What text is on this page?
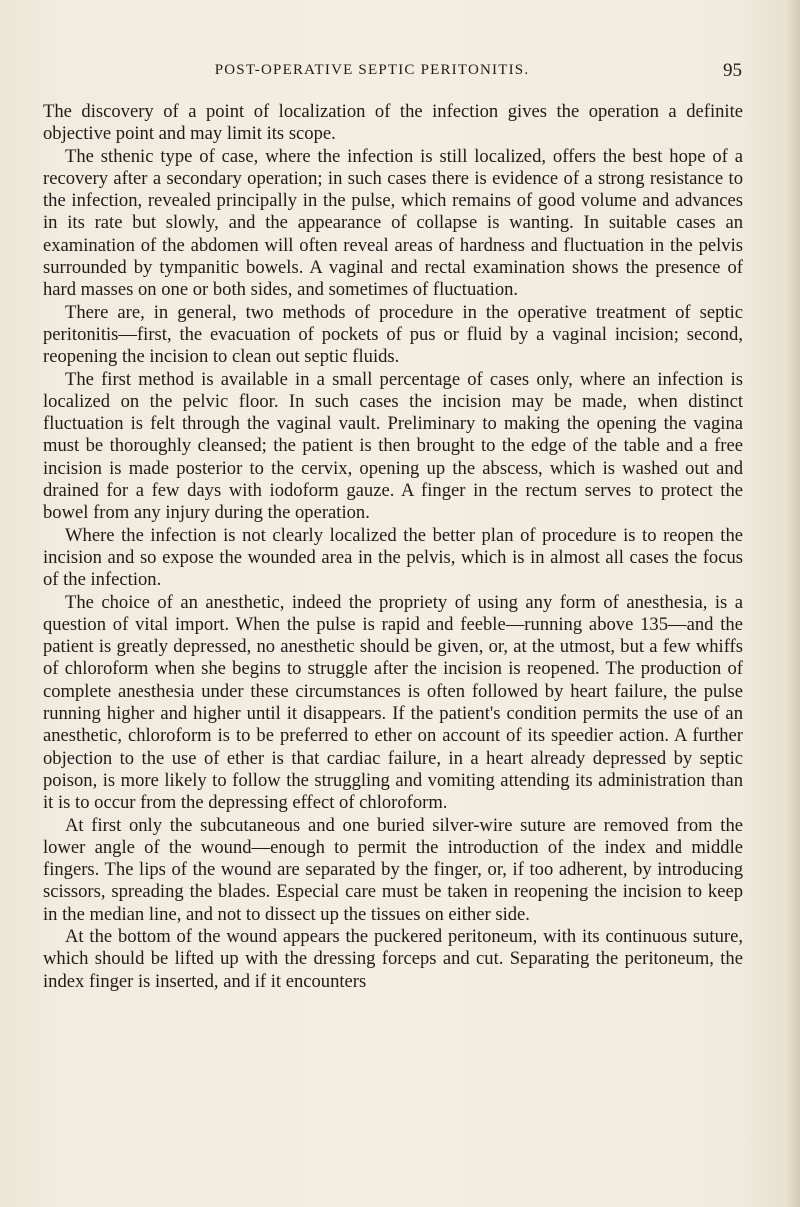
POST-OPERATIVE SEPTIC PERITONITIS.	95

The discovery of a point of localization of the infection gives the operation a definite objective point and may limit its scope.

The sthenic type of case, where the infection is still localized, offers the best hope of a recovery after a secondary operation; in such cases there is evidence of a strong resistance to the infection, revealed principally in the pulse, which remains of good volume and advances in its rate but slowly, and the appearance of collapse is wanting. In suitable cases an examination of the abdomen will often reveal areas of hardness and fluctuation in the pelvis surrounded by tympanitic bowels. A vaginal and rectal examination shows the presence of hard masses on one or both sides, and sometimes of fluctuation.

There are, in general, two methods of procedure in the operative treatment of septic peritonitis—first, the evacuation of pockets of pus or fluid by a vaginal incision; second, reopening the incision to clean out septic fluids.

The first method is available in a small percentage of cases only, where an infection is localized on the pelvic floor. In such cases the incision may be made, when distinct fluctuation is felt through the vaginal vault. Preliminary to making the opening the vagina must be thoroughly cleansed; the patient is then brought to the edge of the table and a free incision is made posterior to the cervix, opening up the abscess, which is washed out and drained for a few days with iodoform gauze. A finger in the rectum serves to protect the bowel from any injury during the operation.

Where the infection is not clearly localized the better plan of procedure is to reopen the incision and so expose the wounded area in the pelvis, which is in almost all cases the focus of the infection.

The choice of an anesthetic, indeed the propriety of using any form of anesthesia, is a question of vital import. When the pulse is rapid and feeble—running above 135—and the patient is greatly depressed, no anesthetic should be given, or, at the utmost, but a few whiffs of chloroform when she begins to struggle after the incision is reopened. The production of complete anesthesia under these circumstances is often followed by heart failure, the pulse running higher and higher until it disappears. If the patient's condition permits the use of an anesthetic, chloroform is to be preferred to ether on account of its speedier action. A further objection to the use of ether is that cardiac failure, in a heart already depressed by septic poison, is more likely to follow the struggling and vomiting attending its administration than it is to occur from the depressing effect of chloroform.

At first only the subcutaneous and one buried silver-wire suture are removed from the lower angle of the wound—enough to permit the introduction of the index and middle fingers. The lips of the wound are separated by the finger, or, if too adherent, by introducing scissors, spreading the blades. Especial care must be taken in reopening the incision to keep in the median line, and not to dissect up the tissues on either side.

At the bottom of the wound appears the puckered peritoneum, with its continuous suture, which should be lifted up with the dressing forceps and cut. Separating the peritoneum, the index finger is inserted, and if it encounters
